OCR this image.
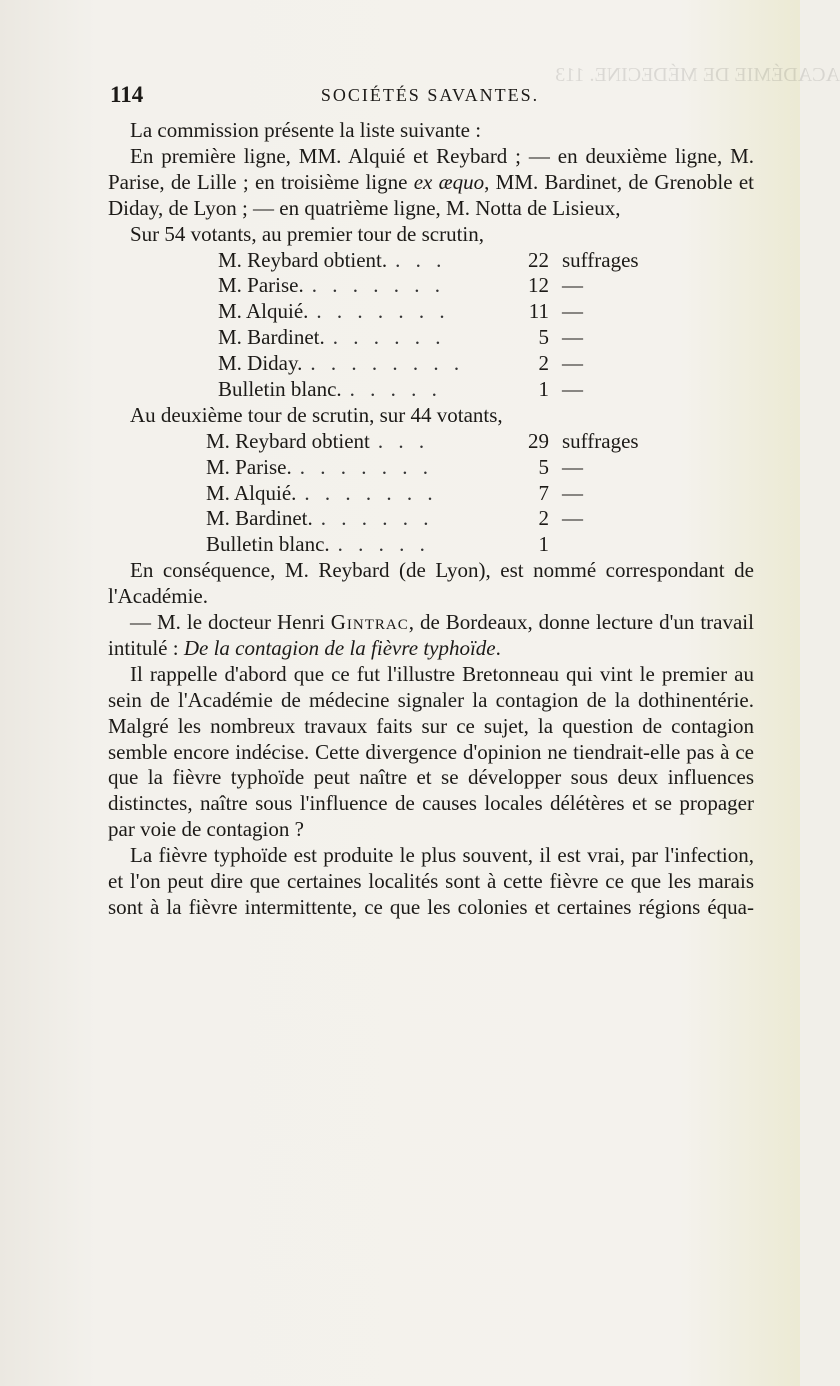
ACADÉMIE DE MÉDECINE. 113
114	SOCIÉTÉS SAVANTES.

La commission présente la liste suivante :

En première ligne, MM. Alquié et Reybard ; — en deuxième ligne, M. Parise, de Lille ; en troisième ligne ex æquo, MM. Bardinet, de Grenoble et Diday, de Lyon ; — en quatrième ligne, M. Notta de Lisieux,

Sur 54 votants, au premier tour de scrutin,

M. Reybard obtient. . . .	22 suffrages
M. Parise. . . . . . . .	12 —
M. Alquié. . . . . . . .	11 —
M. Bardinet. . . . . . .	5 —
M. Diday. . . . . . . . .	2 —
Bulletin blanc. . . . . .	1 —

Au deuxième tour de scrutin, sur 44 votants,

M. Reybard obtient . . .	29 suffrages
M. Parise. . . . . . . .	5 —
M. Alquié. . . . . . . .	7 —
M. Bardinet. . . . . . .	2 —
Bulletin blanc. . . . . .	1

En conséquence, M. Reybard (de Lyon), est nommé correspondant de l'Académie.

— M. le docteur Henri Gintrac, de Bordeaux, donne lecture d'un travail intitulé : De la contagion de la fièvre typhoïde.

Il rappelle d'abord que ce fut l'illustre Bretonneau qui vint le premier au sein de l'Académie de médecine signaler la contagion de la dothinentérie. Malgré les nombreux travaux faits sur ce sujet, la question de contagion semble encore indécise. Cette divergence d'opinion ne tiendrait-elle pas à ce que la fièvre typhoïde peut naître et se développer sous deux influences distinctes, naître sous l'influence de causes locales délétères et se propager par voie de contagion ?

La fièvre typhoïde est produite le plus souvent, il est vrai, par l'infection, et l'on peut dire que certaines localités sont à cette fièvre ce que les marais sont à la fièvre intermittente, ce que les colonies et certaines régions équa-
